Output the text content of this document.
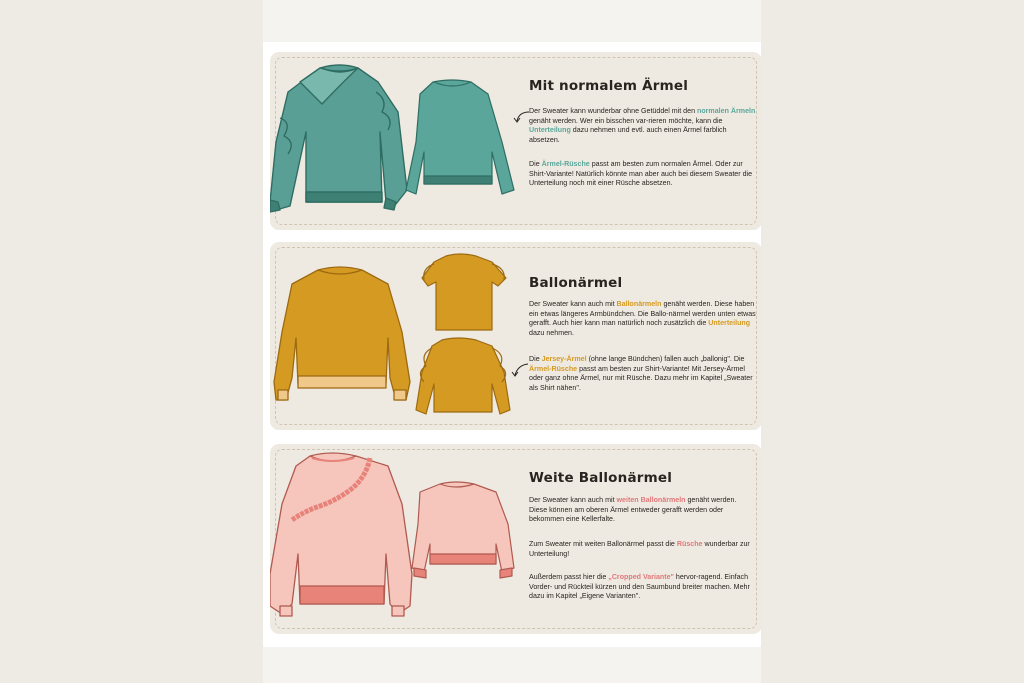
Mit normalem Ärmel

Der Sweater kann wunderbar ohne Getüddel mit den normalen Ärmeln genäht werden. Wer ein bisschen var-rieren möchte, kann die Unterteilung dazu nehmen und evtl. auch einen Ärmel farblich absetzen.

Die Ärmel-Rüsche passt am besten zum normalen Ärmel. Oder zur Shirt-Variante! Natürlich könnte man aber auch bei diesem Sweater die Unterteilung noch mit einer Rüsche absetzen.

Ballonärmel

Der Sweater kann auch mit Ballonärmeln genäht werden. Diese haben ein etwas längeres Armbündchen. Die Ballo-närmel werden unten etwas gerafft. Auch hier kann man natürlich noch zusätzlich die Unterteilung dazu nehmen.

Die Jersey-Ärmel (ohne lange Bündchen) fallen auch „ballonig". Die Ärmel-Rüsche passt am besten zur Shirt-Variante! Mit Jersey-Ärmel oder ganz ohne Ärmel, nur mit Rüsche. Dazu mehr im Kapitel „Sweater als Shirt nähen".

Weite Ballonärmel

Der Sweater kann auch mit weiten Ballonärmeln genäht werden. Diese können am oberen Ärmel entweder gerafft werden oder bekommen eine Kellerfalte.

Zum Sweater mit weiten Ballonärmel passt die Rüsche wunderbar zur Unterteilung!

Außerdem passt hier die „Cropped Variante" hervor-ragend. Einfach Vorder- und Rückteil kürzen und den Saumbund breiter machen. Mehr dazu im Kapitel „Eigene Varianten".
